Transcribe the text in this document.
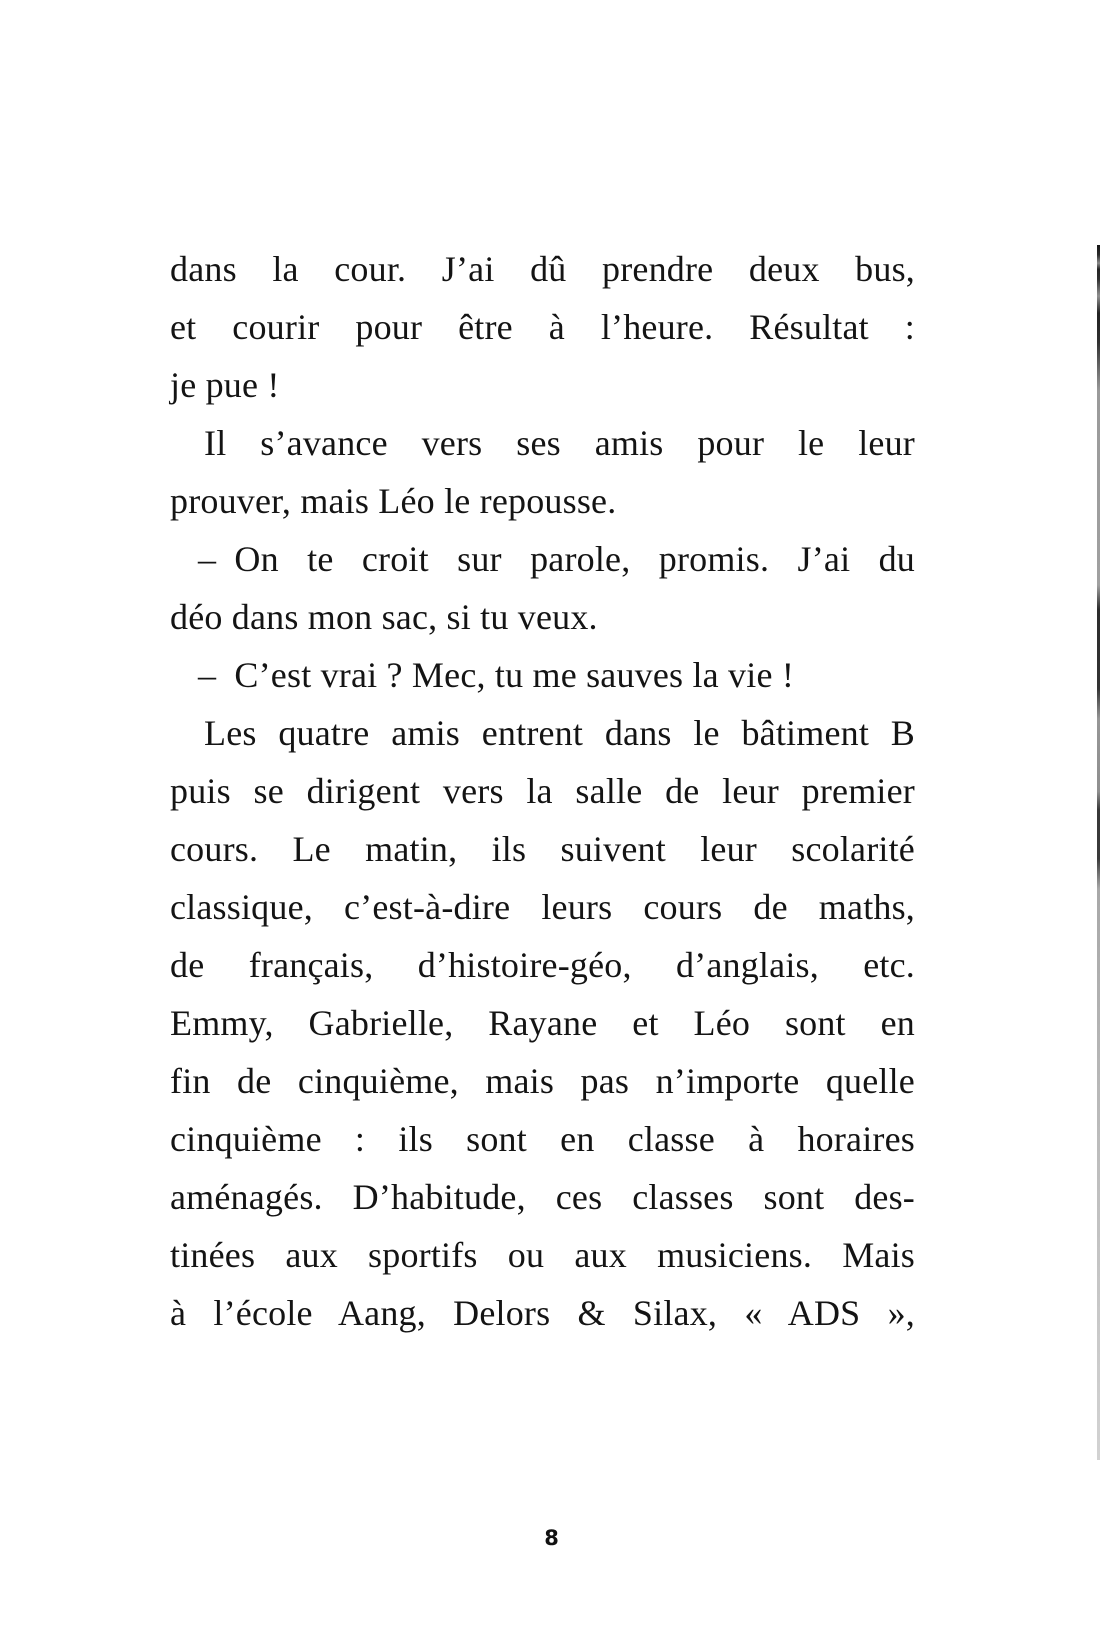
dans la cour. J’ai dû prendre deux bus,

et courir pour être à l’heure. Résultat :

je pue !

Il s’avance vers ses amis pour le leur

prouver, mais Léo le repousse.

– On te croit sur parole, promis. J’ai du

déo dans mon sac, si tu veux.

– C’est vrai ? Mec, tu me sauves la vie !

Les quatre amis entrent dans le bâtiment B

puis se dirigent vers la salle de leur premier

cours. Le matin, ils suivent leur scolarité

classique, c’est-à-dire leurs cours de maths,

de français, d’histoire-géo, d’anglais, etc.

Emmy, Gabrielle, Rayane et Léo sont en

fin de cinquième, mais pas n’importe quelle

cinquième : ils sont en classe à horaires

aménagés. D’habitude, ces classes sont des-

tinées aux sportifs ou aux musiciens. Mais

à l’école Aang, Delors & Silax, « ADS »,

8
